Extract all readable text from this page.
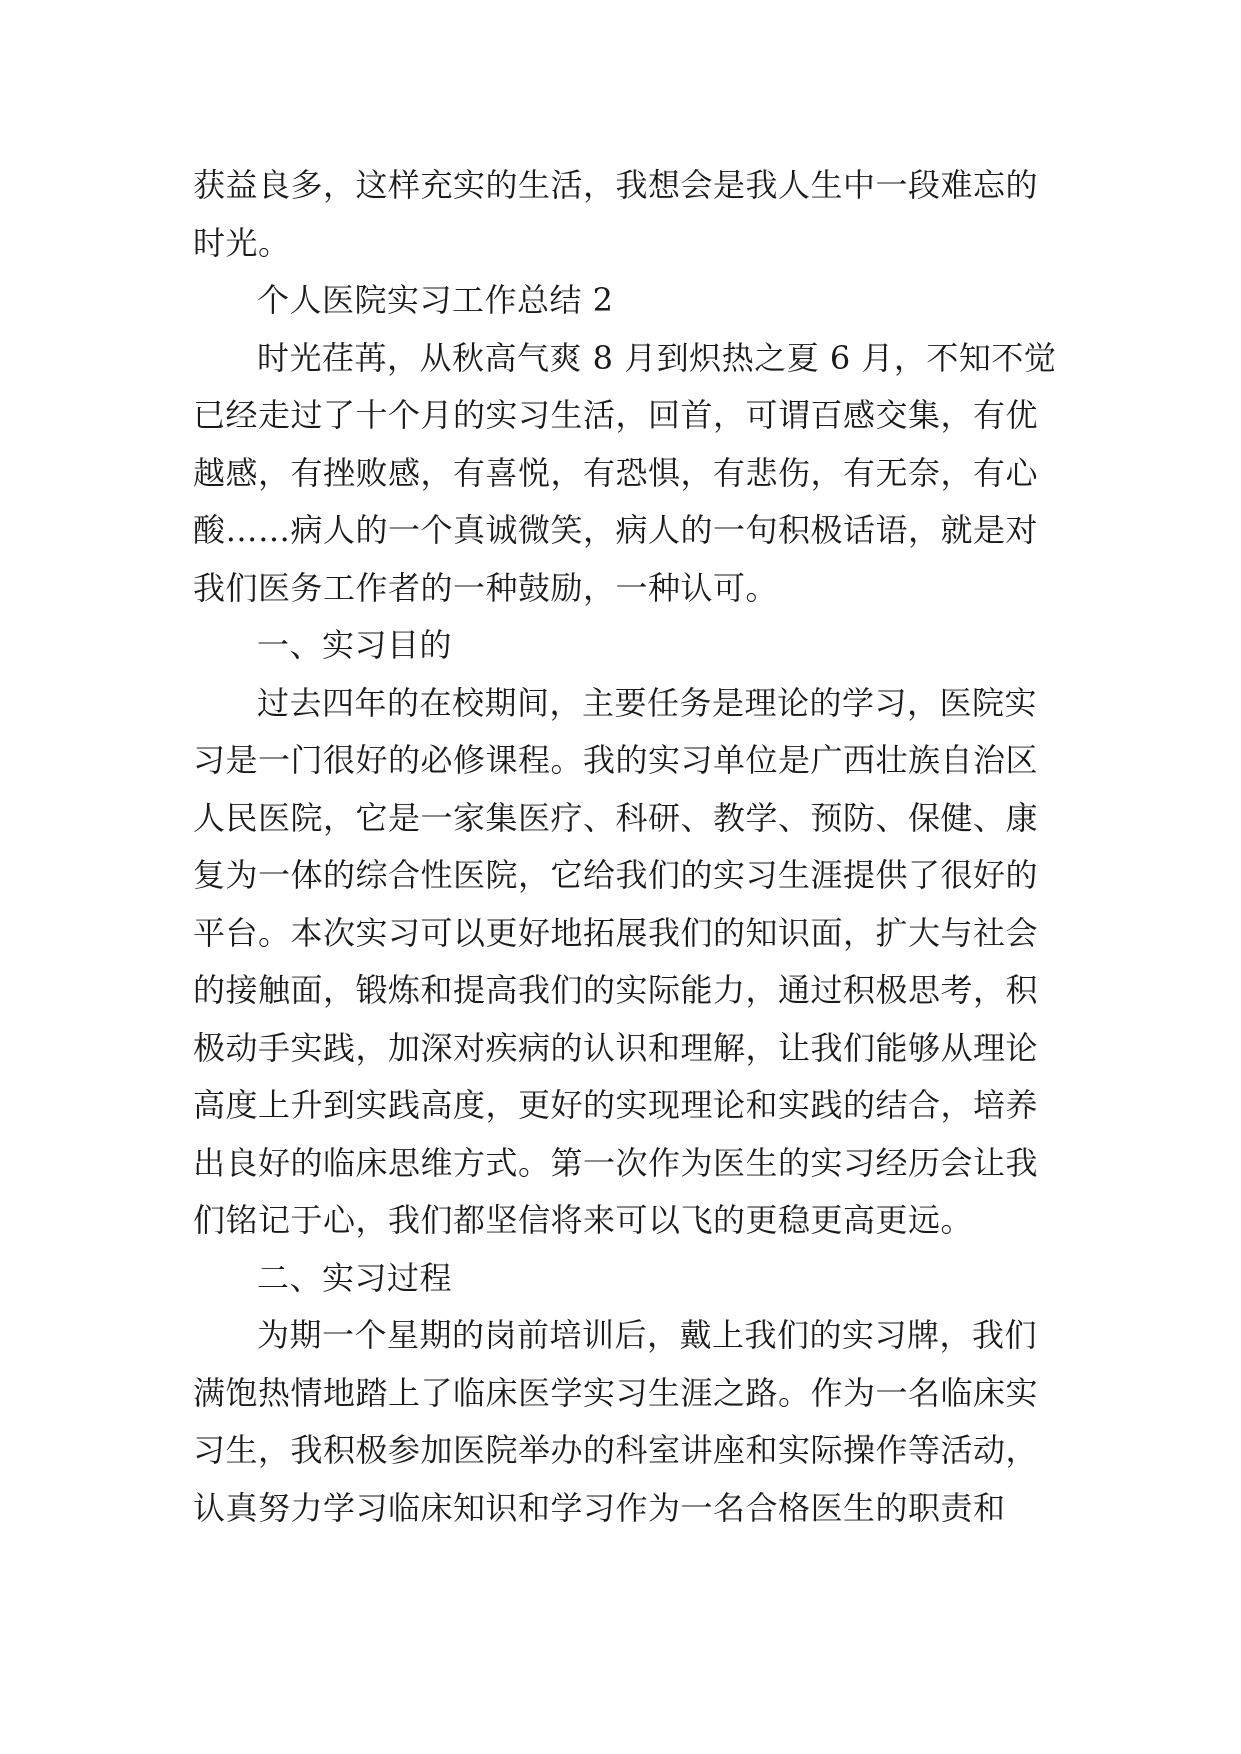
获益良多，这样充实的生活，我想会是我人生中一段难忘的
时光。
个人医院实习工作总结 2
时光荏苒，从秋高气爽 8 月到炽热之夏 6 月，不知不觉
已经走过了十个月的实习生活，回首，可谓百感交集，有优
越感，有挫败感，有喜悦，有恐惧，有悲伤，有无奈，有心
酸……病人的一个真诚微笑，病人的一句积极话语，就是对
我们医务工作者的一种鼓励，一种认可。
一、实习目的
过去四年的在校期间，主要任务是理论的学习，医院实
习是一门很好的必修课程。我的实习单位是广西壮族自治区
人民医院，它是一家集医疗、科研、教学、预防、保健、康
复为一体的综合性医院，它给我们的实习生涯提供了很好的
平台。本次实习可以更好地拓展我们的知识面，扩大与社会
的接触面，锻炼和提高我们的实际能力，通过积极思考，积
极动手实践，加深对疾病的认识和理解，让我们能够从理论
高度上升到实践高度，更好的实现理论和实践的结合，培养
出良好的临床思维方式。第一次作为医生的实习经历会让我
们铭记于心，我们都坚信将来可以飞的更稳更高更远。
二、实习过程
为期一个星期的岗前培训后，戴上我们的实习牌，我们
满饱热情地踏上了临床医学实习生涯之路。作为一名临床实
习生，我积极参加医院举办的科室讲座和实际操作等活动，
认真努力学习临床知识和学习作为一名合格医生的职责和
